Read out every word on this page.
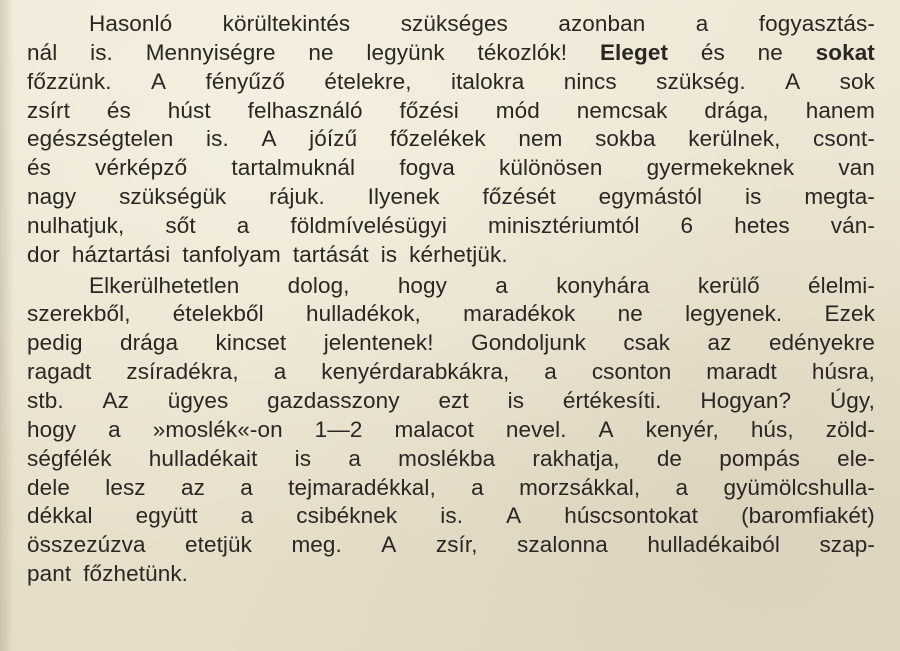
Hasonló körültekintés szükséges azonban a fogyasztás-
nál is. Mennyiségre ne legyünk tékozlók! Eleget és ne sokat
főzzünk. A fényűző ételekre, italokra nincs szükség. A sok
zsírt és húst felhasználó főzési mód nemcsak drága, hanem
egészségtelen is. A jóízű főzelékek nem sokba kerülnek, csont-
és vérképző tartalmuknál fogva különösen gyermekeknek van
nagy szükségük rájuk. Ilyenek főzését egymástól is megta-
nulhatjuk, sőt a földmívelésügyi minisztériumtól 6 hetes ván-
dor háztartási tanfolyam tartását is kérhetjük.
Elkerülhetetlen dolog, hogy a konyhára kerülő élelmi-
szerekből, ételekből hulladékok, maradékok ne legyenek. Ezek
pedig drága kincset jelentenek! Gondoljunk csak az edényekre
ragadt zsíradékra, a kenyérdarabkákra, a csonton maradt húsra,
stb. Az ügyes gazdasszony ezt is értékesíti. Hogyan? Úgy,
hogy a »moslék«-on 1—2 malacot nevel. A kenyér, hús, zöld-
ségfélék hulladékait is a moslékba rakhatja, de pompás ele-
dele lesz az a tejmaradékkal, a morzsákkal, a gyümölcshulla-
dékkal együtt a csibéknek is. A húscsontokat (baromfiakét)
összezúzva etetjük meg. A zsír, szalonna hulladékaiból szap-
pant főzhetünk.
